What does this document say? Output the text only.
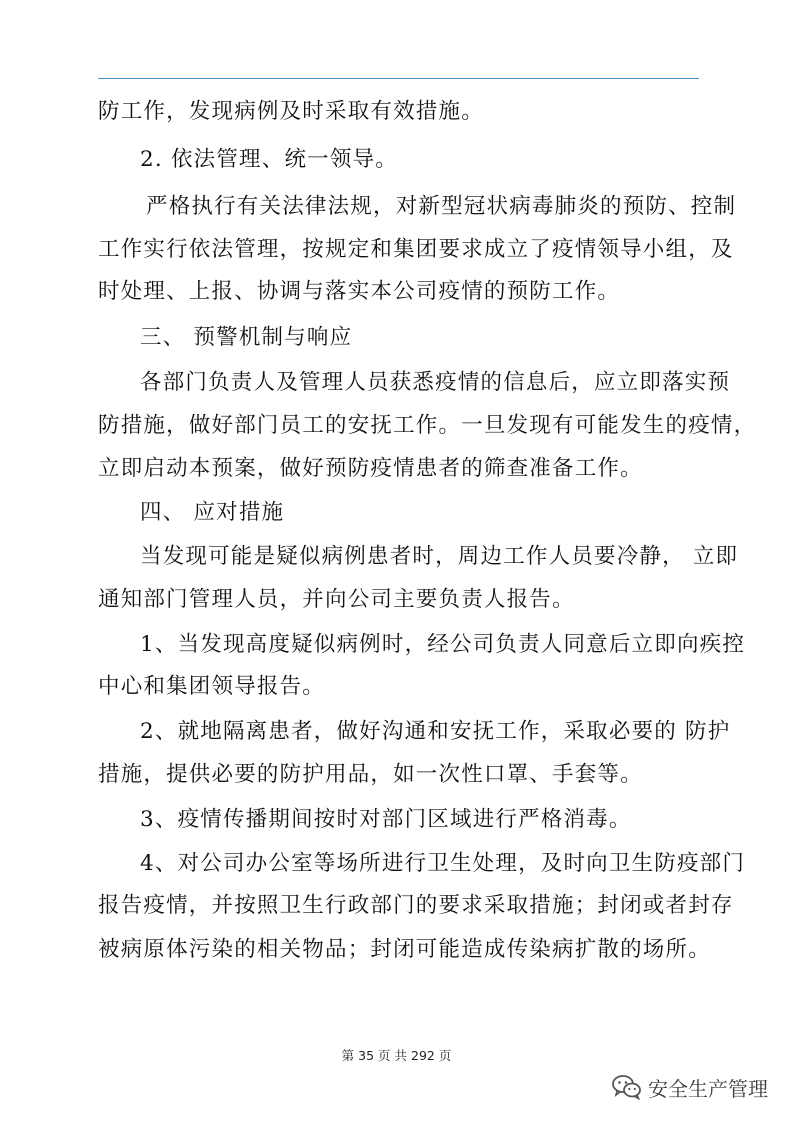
防工作，发现病例及时采取有效措施。
2. 依法管理、统一领导。
严格执行有关法律法规，对新型冠状病毒肺炎的预防、控制
工作实行依法管理，按规定和集团要求成立了疫情领导小组，及
时处理、上报、协调与落实本公司疫情的预防工作。
三、 预警机制与响应
各部门负责人及管理人员获悉疫情的信息后，应立即落实预
防措施，做好部门员工的安抚工作。一旦发现有可能发生的疫情，
立即启动本预案，做好预防疫情患者的筛查准备工作。
四、 应对措施
当发现可能是疑似病例患者时，周边工作人员要冷静， 立即
通知部门管理人员，并向公司主要负责人报告。
1、当发现高度疑似病例时，经公司负责人同意后立即向疾控
中心和集团领导报告。
2、就地隔离患者，做好沟通和安抚工作，采取必要的 防护
措施，提供必要的防护用品，如一次性口罩、手套等。
3、疫情传播期间按时对部门区域进行严格消毒。
4、对公司办公室等场所进行卫生处理，及时向卫生防疫部门
报告疫情，并按照卫生行政部门的要求采取措施；封闭或者封存
被病原体污染的相关物品；封闭可能造成传染病扩散的场所。
第 35 页 共 292 页
安全生产管理
